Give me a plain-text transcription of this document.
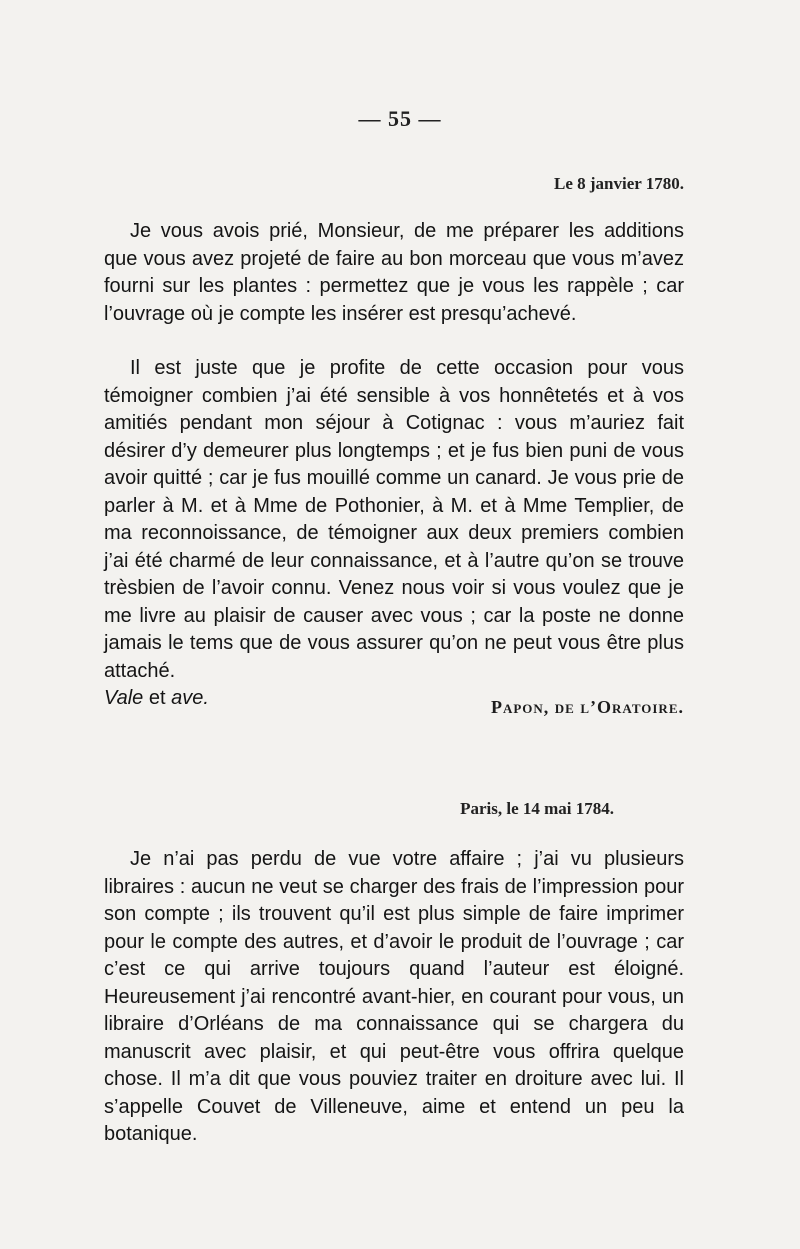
— 55 —
Le 8 janvier 1780.

Je vous avois prié, Monsieur, de me préparer les additions que vous avez projeté de faire au bon morceau que vous m’avez fourni sur les plantes : permettez que je vous les rappèle ; car l’ouvrage où je compte les insérer est presqu’achevé.

Il est juste que je profite de cette occasion pour vous témoigner combien j’ai été sensible à vos honnêtetés et à vos amitiés pendant mon séjour à Cotignac : vous m’auriez fait désirer d’y demeurer plus longtemps ; et je fus bien puni de vous avoir quitté ; car je fus mouillé comme un canard. Je vous prie de parler à M. et à Mme de Pothonier, à M. et à Mme Templier, de ma reconnoissance, de témoigner aux deux premiers combien j’ai été charmé de leur connaissance, et à l’autre qu’on se trouve trèsbien de l’avoir connu. Venez nous voir si vous voulez que je me livre au plaisir de causer avec vous ; car la poste ne donne jamais le tems que de vous assurer qu’on ne peut vous être plus attaché.

Vale et ave.	Papon, de l’Oratoire.
Paris, le 14 mai 1784.

Je n’ai pas perdu de vue votre affaire ; j’ai vu plusieurs libraires : aucun ne veut se charger des frais de l’impression pour son compte ; ils trouvent qu’il est plus simple de faire imprimer pour le compte des autres, et d’avoir le produit de l’ouvrage ; car c’est ce qui arrive toujours quand l’auteur est éloigné. Heureusement j’ai rencontré avant-hier, en courant pour vous, un libraire d’Orléans de ma connaissance qui se chargera du manuscrit avec plaisir, et qui peut-être vous offrira quelque chose. Il m’a dit que vous pouviez traiter en droiture avec lui. Il s’appelle Couvet de Villeneuve, aime et entend un peu la botanique.
